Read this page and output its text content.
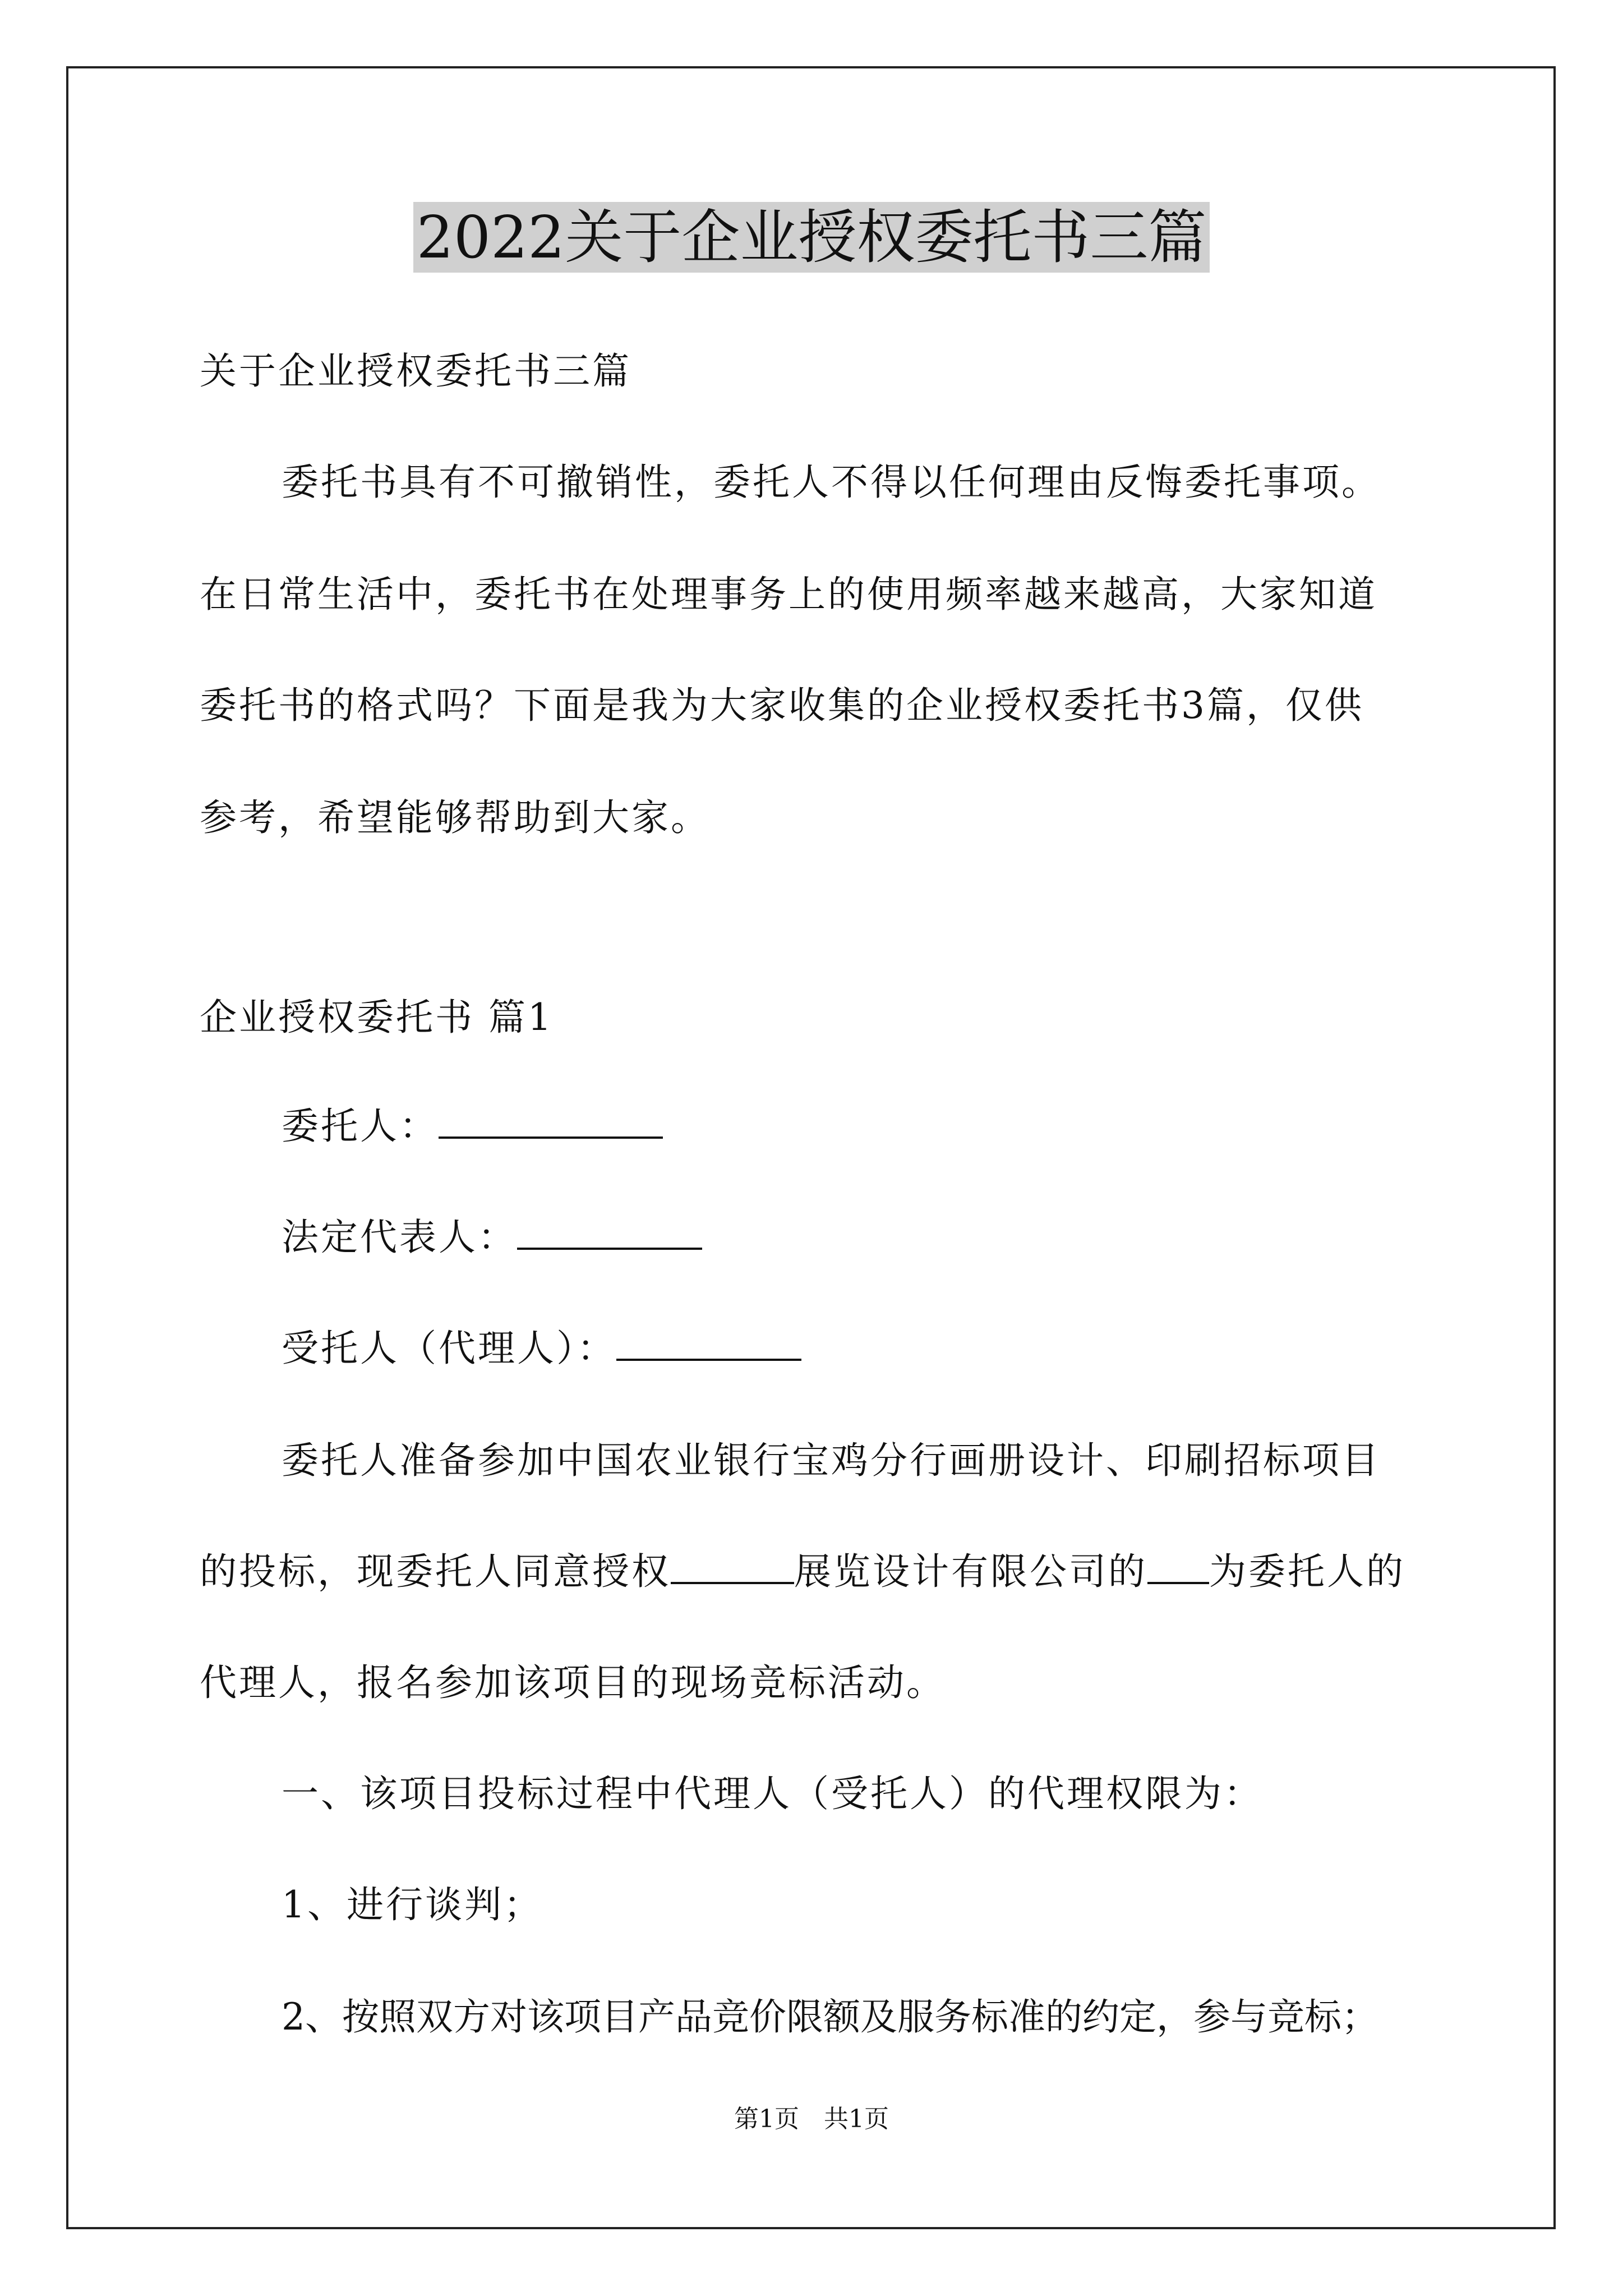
2022关于企业授权委托书三篇
关于企业授权委托书三篇
委托书具有不可撤销性，委托人不得以任何理由反悔委托事项。
在日常生活中，委托书在处理事务上的使用频率越来越高，大家知道
委托书的格式吗？下面是我为大家收集的企业授权委托书3篇，仅供
参考，希望能够帮助到大家。
企业授权委托书 篇1
委托人：
法定代表人：
受托人（代理人）：
委托人准备参加中国农业银行宝鸡分行画册设计、印刷招标项目
的投标，现委托人同意授权	展览设计有限公司的 为委托人的
代理人，报名参加该项目的现场竞标活动。
一、该项目投标过程中代理人（受托人）的代理权限为：
1、进行谈判；
2、按照双方对该项目产品竞价限额及服务标准的约定，参与竞标；
第1页　共1页
